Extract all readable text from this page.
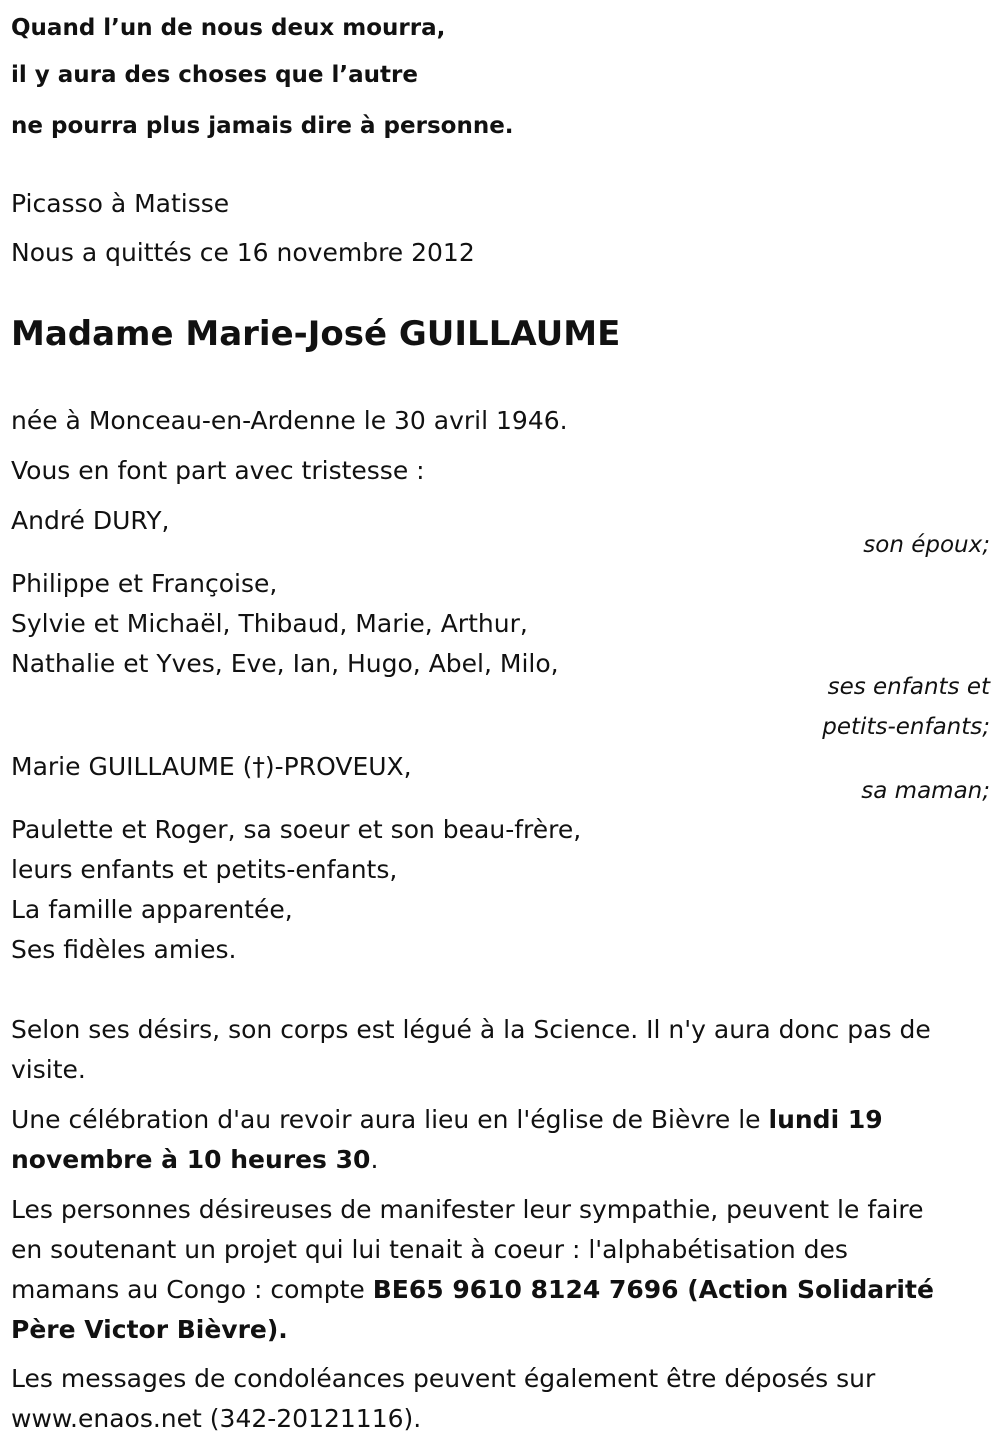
Quand l’un de nous deux mourra,
il y aura des choses que l’autre
ne pourra plus jamais dire à personne.
Picasso à Matisse
Nous a quittés ce 16 novembre 2012
Madame Marie-José GUILLAUME
née à Monceau-en-Ardenne le 30 avril 1946.
Vous en font part avec tristesse :
André DURY,
son époux;
Philippe et Françoise,
Sylvie et Michaël, Thibaud, Marie, Arthur,
Nathalie et Yves, Eve, Ian, Hugo, Abel, Milo,
ses enfants et
petits-enfants;
Marie GUILLAUME (†)-PROVEUX,
sa maman;
Paulette et Roger, sa soeur et son beau-frère,
leurs enfants et petits-enfants,
La famille apparentée,
Ses fidèles amies.
Selon ses désirs, son corps est légué à la Science. Il n'y aura donc pas de
visite.
Une célébration d'au revoir aura lieu en l'église de Bièvre le lundi 19
novembre à 10 heures 30.
Les personnes désireuses de manifester leur sympathie, peuvent le faire
en soutenant un projet qui lui tenait à coeur : l'alphabétisation des
mamans au Congo : compte BE65 9610 8124 7696 (Action Solidarité
Père Victor Bièvre).
Les messages de condoléances peuvent également être déposés sur
www.enaos.net (342-20121116).
